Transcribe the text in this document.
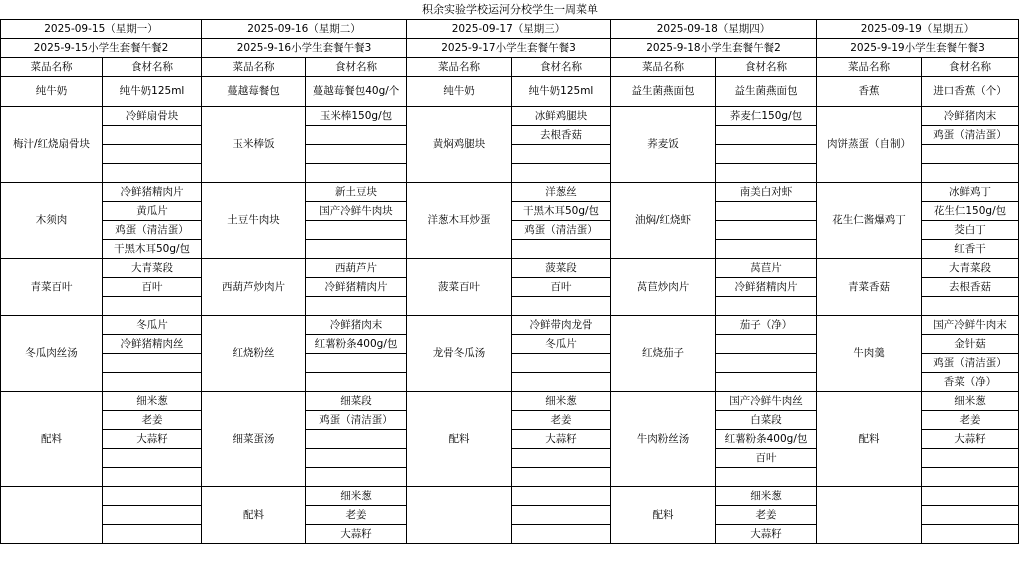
积余实验学校运河分校学生一周菜单
2025-09-15（星期一）		2025-09-16（星期二）		2025-09-17（星期三）		2025-09-18（星期四）		2025-09-19（星期五）	
2025-9-15小学生套餐午餐2		2025-9-16小学生套餐午餐3		2025-9-17小学生套餐午餐3		2025-9-18小学生套餐午餐2		2025-9-19小学生套餐午餐3	
菜品名称	食材名称	菜品名称	食材名称	菜品名称	食材名称	菜品名称	食材名称	菜品名称	食材名称
纯牛奶	纯牛奶125ml	蔓越莓餐包	蔓越莓餐包40g/个	纯牛奶	纯牛奶125ml	益生菌燕面包	益生菌燕面包	香蕉	进口香蕉（个）
梅汁/红烧扇骨块	冷鲜扇骨块	玉米棒饭	玉米棒150g/包	黄焖鸡腿块	冰鲜鸡腿块	荞麦饭	荞麦仁150g/包	肉饼蒸蛋（自制）	冷鲜猪肉末
					去根香菇				鸡蛋（清洁蛋）

木须肉	冷鲜猪精肉片	土豆牛肉块	新土豆块	洋葱木耳炒蛋	洋葱丝	油焖/红烧虾	南美白对虾	花生仁酱爆鸡丁	冰鲜鸡丁
	黄瓜片		国产冷鲜牛肉块		干黑木耳50g/包				花生仁150g/包
	鸡蛋（清洁蛋）				鸡蛋（清洁蛋）				茭白丁
	干黑木耳50g/包								红香干
青菜百叶	大青菜段	西葫芦炒肉片	西葫芦片	菠菜百叶	菠菜段	莴苣炒肉片	莴苣片	青菜香菇	大青菜段
	百叶		冷鲜猪精肉片		百叶		冷鲜猪精肉片		去根香菇

冬瓜肉丝汤	冬瓜片	红烧粉丝	冷鲜猪肉末	龙骨冬瓜汤	冷鲜带肉龙骨	红烧茄子	茄子（净）	牛肉羹	国产冷鲜牛肉末
	冷鲜猪精肉丝		红薯粉条400g/包		冬瓜片				金针菇
									鸡蛋（清洁蛋）
									香菜（净）
配料	细米葱	细菜蛋汤	细菜段	配料	细米葱	牛肉粉丝汤	国产冷鲜牛肉丝	配料	细米葱
	老姜		鸡蛋（清洁蛋）		老姜		白菜段		老姜
	大蒜籽				大蒜籽		红薯粉条400g/包		大蒜籽
							百叶		

		配料	细米葱			配料	细米葱		
			老姜				老姜		
			大蒜籽				大蒜籽		
